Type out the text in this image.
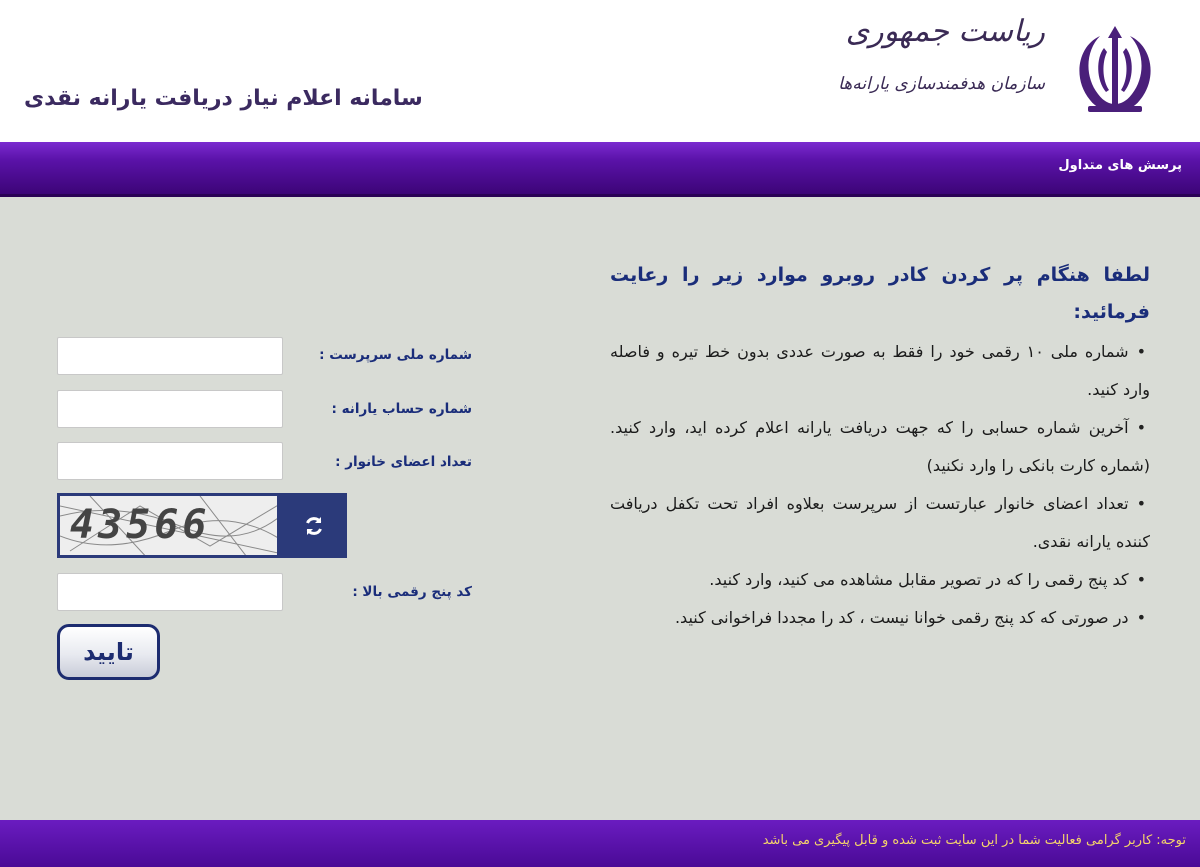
ریاست جمهوری
سازمان هدفمندسازی یارانه‌ها
سامانه اعلام نیاز دریافت یارانه نقدی
پرسش های متداول
لطفا هنگام پر کردن کادر روبرو موارد زیر را رعایت فرمائید:
•شماره ملی ۱۰ رقمی خود را فقط به صورت عددی بدون خط تیره و فاصله وارد کنید.
•آخرین شماره حسابی را که جهت دریافت یارانه اعلام کرده اید، وارد کنید. (شماره کارت بانکی را وارد نکنید)
•تعداد اعضای خانوار عبارتست از سرپرست بعلاوه افراد تحت تکفل دریافت کننده یارانه نقدی.
•کد پنج رقمی را که در تصویر مقابل مشاهده می کنید، وارد کنید.
•در صورتی که کد پنج رقمی خوانا نیست ، کد را مجددا فراخوانی کنید.
شماره ملی سرپرست :
شماره حساب یارانه :
تعداد اعضای خانوار :
43566
کد پنج رقمی بالا :
تایید
توجه: کاربر گرامی فعالیت شما در این سایت ثبت شده و قابل پیگیری می باشد
